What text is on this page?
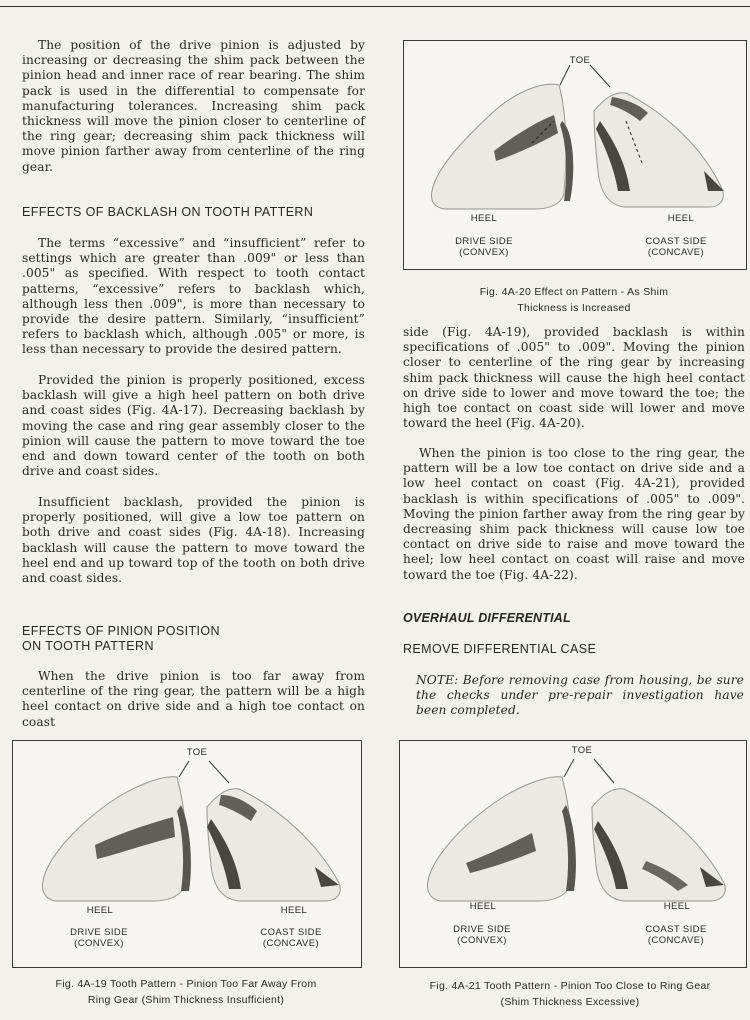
The position of the drive pinion is adjusted by increasing or decreasing the shim pack between the pinion head and inner race of rear bearing. The shim pack is used in the differential to compensate for manufacturing tolerances. Increasing shim pack thickness will move the pinion closer to centerline of the ring gear; decreasing shim pack thickness will move pinion farther away from centerline of the ring gear.
EFFECTS OF BACKLASH ON TOOTH PATTERN
The terms “excessive” and “insufficient” refer to settings which are greater than .009" or less than .005" as specified. With respect to tooth contact patterns, “excessive” refers to backlash which, although less then .009", is more than necessary to provide the desire pattern. Similarly, “insufficient” refers to backlash which, although .005" or more, is less than necessary to provide the desired pattern.
Provided the pinion is properly positioned, excess backlash will give a high heel pattern on both drive and coast sides (Fig. 4A-17). Decreasing backlash by moving the case and ring gear assembly closer to the pinion will cause the pattern to move toward the toe end and down toward center of the tooth on both drive and coast sides.
Insufficient backlash, provided the pinion is properly positioned, will give a low toe pattern on both drive and coast sides (Fig. 4A-18). Increasing backlash will cause the pattern to move toward the heel end and up toward top of the tooth on both drive and coast sides.
EFFECTS OF PINION POSITION
ON TOOTH PATTERN
When the drive pinion is too far away from centerline of the ring gear, the pattern will be a high heel contact on drive side and a high toe contact on coast
side (Fig. 4A-19), provided backlash is within specifications of .005" to .009". Moving the pinion closer to centerline of the ring gear by increasing shim pack thickness will cause the high heel contact on drive side to lower and move toward the toe; the high toe contact on coast side will lower and move toward the heel (Fig. 4A-20).
When the pinion is too close to the ring gear, the pattern will be a low toe contact on drive side and a low heel contact on coast (Fig. 4A-21), provided backlash is within specifications of .005" to .009". Moving the pinion farther away from the ring gear by decreasing shim pack thickness will cause low toe contact on drive side to raise and move toward the heel; low heel contact on coast will raise and move toward the toe (Fig. 4A-22).
OVERHAUL DIFFERENTIAL
REMOVE DIFFERENTIAL CASE
NOTE: Before removing case from housing, be sure the checks under pre-repair investigation have been completed.
TOE
HEEL	HEEL
DRIVE SIDE
(CONVEX)
COAST SIDE
(CONCAVE)
Fig. 4A-20 Effect on Pattern - As Shim
Thickness is Increased
TOE
HEEL	HEEL
DRIVE SIDE
(CONVEX)
COAST SIDE
(CONCAVE)
Fig. 4A-19 Tooth Pattern - Pinion Too Far Away From
Ring Gear (Shim Thickness Insufficient)
TOE
HEEL	HEEL
DRIVE SIDE
(CONVEX)
COAST SIDE
(CONCAVE)
Fig. 4A-21 Tooth Pattern - Pinion Too Close to Ring Gear
(Shim Thickness Excessive)
